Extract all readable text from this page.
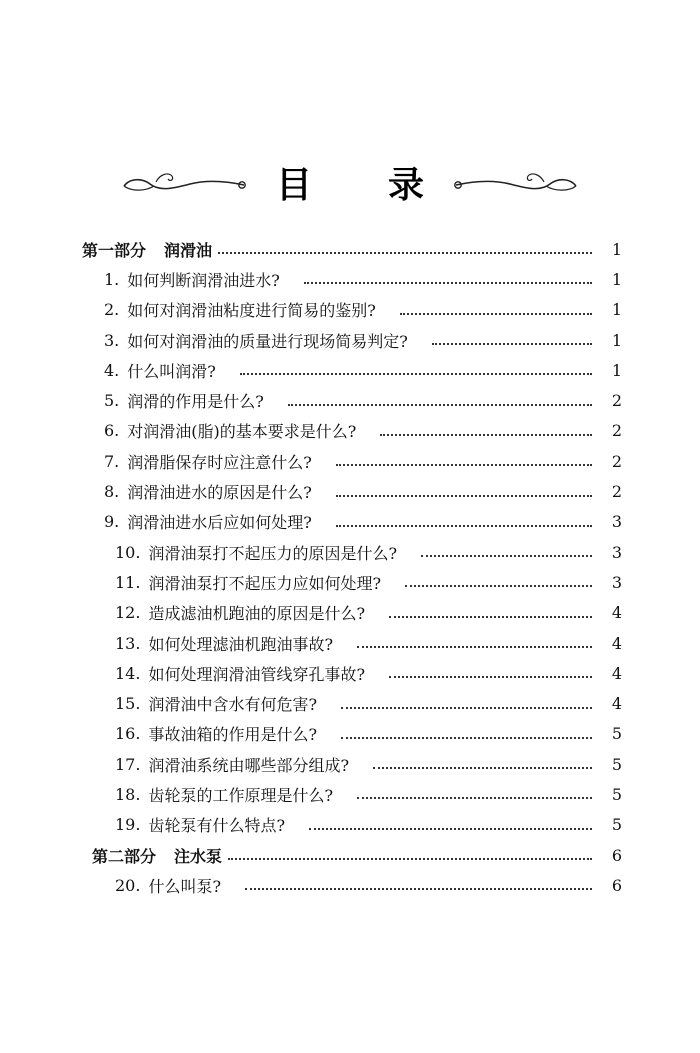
目 录
第一部分 润滑油	1
1. 如何判断润滑油进水?	1
2. 如何对润滑油粘度进行简易的鉴别?	1
3. 如何对润滑油的质量进行现场简易判定?	1
4. 什么叫润滑?	1
5. 润滑的作用是什么?	2
6. 对润滑油(脂)的基本要求是什么?	2
7. 润滑脂保存时应注意什么?	2
8. 润滑油进水的原因是什么?	2
9. 润滑油进水后应如何处理?	3
10. 润滑油泵打不起压力的原因是什么?	3
11. 润滑油泵打不起压力应如何处理?	3
12. 造成滤油机跑油的原因是什么?	4
13. 如何处理滤油机跑油事故?	4
14. 如何处理润滑油管线穿孔事故?	4
15. 润滑油中含水有何危害?	4
16. 事故油箱的作用是什么?	5
17. 润滑油系统由哪些部分组成?	5
18. 齿轮泵的工作原理是什么?	5
19. 齿轮泵有什么特点?	5
第二部分 注水泵	6
20. 什么叫泵?	6
